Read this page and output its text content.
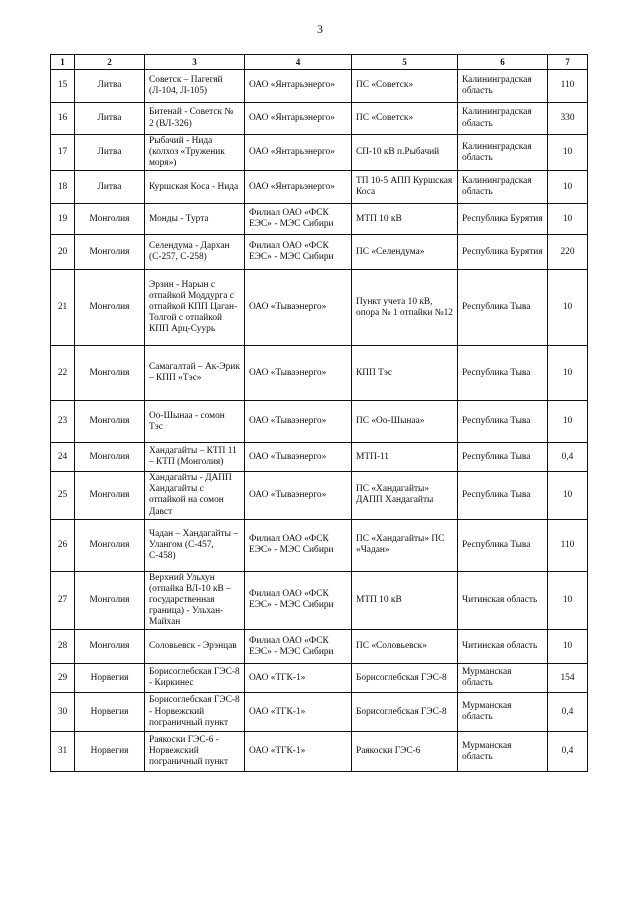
3
1	2	3	4	5	6	7
15	Литва	Советск – Пагегяй (Л-104, Л-105)	ОАО «Янтарьэнерго»	ПС «Советск»	Калининградская область	110
16	Литва	Битенай - Советск № 2 (ВЛ-326)	ОАО «Янтарьэнерго»	ПС «Советск»	Калининградская область	330
17	Литва	Рыбачий - Нида (колхоз «Труженик моря»)	ОАО «Янтарьэнерго»	СП-10 кВ п.Рыбачий	Калининградская область	10
18	Литва	Куршская Коса - Нида	ОАО «Янтарьэнерго»	ТП 10-5 АПП Куршская Коса	Калининградская область	10
19	Монголия	Монды - Турта	Филиал ОАО «ФСК ЕЭС» - МЭС Сибири	МТП 10 кВ	Республика Бурятия	10
20	Монголия	Селендума - Дархан (С-257, С-258)	Филиал ОАО «ФСК ЕЭС» - МЭС Сибири	ПС «Селендума»	Республика Бурятия	220
21	Монголия	Эрзин - Нарын с отпайкой Моддурга с отпайкой КПП Цаган-Толгой с отпайкой КПП Арц-Суурь	ОАО «Тываэнерго»	Пункт учета 10 кВ, опора № 1 отпайки №12	Республика Тыва	10
22	Монголия	Самагалтай – Ак-Эрик – КПП «Тэс»	ОАО «Тываэнерго»	КПП Тэс	Республика Тыва	10
23	Монголия	Оо-Шынаа - сомон Тэс	ОАО «Тываэнерго»	ПС «Оо-Шынаа»	Республика Тыва	10
24	Монголия	Хандагайты – КТП 11 – КТП (Монголия)	ОАО «Тываэнерго»	МТП-11	Республика Тыва	0,4
25	Монголия	Хандагайты - ДАПП Хандагайты с отпайкой на сомон Давст	ОАО «Тываэнерго»	ПС «Хандагайты» ДАПП Хандагайты	Республика Тыва	10
26	Монголия	Чадан – Хандагайты – Улангом (С-457, С-458)	Филиал ОАО «ФСК ЕЭС» - МЭС Сибири	ПС «Хандагайты» ПС «Чадан»	Республика Тыва	110
27	Монголия	Верхний Ульхун (отпайка ВЛ-10 кВ – государственная граница) - Ульхан-Майхан	Филиал ОАО «ФСК ЕЭС» - МЭС Сибири	МТП 10 кВ	Читинская область	10
28	Монголия	Соловьевск - Эрэнцав	Филиал ОАО «ФСК ЕЭС» - МЭС Сибири	ПС «Соловьевск»	Читинская область	10
29	Норвегия	Борисоглебская ГЭС-8 - Киркинес	ОАО «ТГК-1»	Борисоглебская ГЭС-8	Мурманская область	154
30	Норвегия	Борисоглебская ГЭС-8 - Норвежский пограничный пункт	ОАО «ТГК-1»	Борисоглебская ГЭС-8	Мурманская область	0,4
31	Норвегия	Раякоски ГЭС-6 - Норвежский пограничный пункт	ОАО «ТГК-1»	Раякоски ГЭС-6	Мурманская область	0,4
